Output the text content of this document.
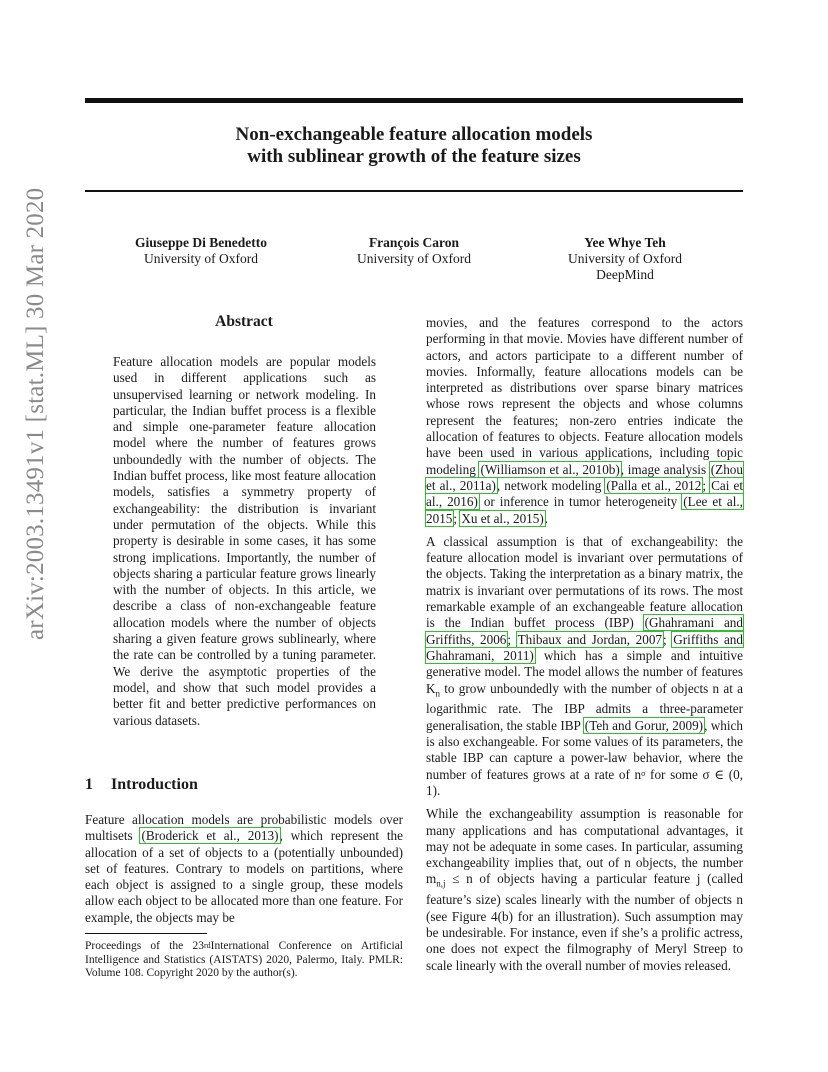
arXiv:2003.13491v1 [stat.ML] 30 Mar 2020
Non-exchangeable feature allocation models
with sublinear growth of the feature sizes
Giuseppe Di Benedetto
University of Oxford
François Caron
University of Oxford
Yee Whye Teh
University of Oxford
DeepMind
Abstract

Feature allocation models are popular models used in different applications such as unsupervised learning or network modeling. In particular, the Indian buffet process is a flexible and simple one-parameter feature allocation model where the number of features grows unboundedly with the number of objects. The Indian buffet process, like most feature allocation models, satisfies a symmetry property of exchangeability: the distribution is invariant under permutation of the objects. While this property is desirable in some cases, it has some strong implications. Importantly, the number of objects sharing a particular feature grows linearly with the number of objects. In this article, we describe a class of non-exchangeable feature allocation models where the number of objects sharing a given feature grows sublinearly, where the rate can be controlled by a tuning parameter. We derive the asymptotic properties of the model, and show that such model provides a better fit and better predictive performances on various datasets.

1 Introduction

Feature allocation models are probabilistic models over multisets (Broderick et al., 2013), which represent the allocation of a set of objects to a (potentially unbounded) set of features. Contrary to models on partitions, where each object is assigned to a single group, these models allow each object to be allocated more than one feature. For example, the objects may be

Proceedings of the 23rdInternational Conference on Artificial Intelligence and Statistics (AISTATS) 2020, Palermo, Italy. PMLR: Volume 108. Copyright 2020 by the author(s).

movies, and the features correspond to the actors performing in that movie. Movies have different number of actors, and actors participate to a different number of movies. Informally, feature allocations models can be interpreted as distributions over sparse binary matrices whose rows represent the objects and whose columns represent the features; non-zero entries indicate the allocation of features to objects. Feature allocation models have been used in various applications, including topic modeling (Williamson et al., 2010b), image analysis (Zhou et al., 2011a), network modeling (Palla et al., 2012; Cai et al., 2016) or inference in tumor heterogeneity (Lee et al., 2015; Xu et al., 2015).

A classical assumption is that of exchangeability: the feature allocation model is invariant over permutations of the objects. Taking the interpretation as a binary matrix, the matrix is invariant over permutations of its rows. The most remarkable example of an exchangeable feature allocation is the Indian buffet process (IBP) (Ghahramani and Griffiths, 2006; Thibaux and Jordan, 2007; Griffiths and Ghahramani, 2011) which has a simple and intuitive generative model. The model allows the number of features $K_n$ to grow unboundedly with the number of objects n at a logarithmic rate. The IBP admits a three-parameter generalisation, the stable IBP (Teh and Gorur, 2009), which is also exchangeable. For some values of its parameters, the stable IBP can capture a power-law behavior, where the number of features grows at a rate of $n^\sigma$ for some σ ∈ (0, 1).

While the exchangeability assumption is reasonable for many applications and has computational advantages, it may not be adequate in some cases. In particular, assuming exchangeability implies that, out of n objects, the number $m_{n,j} \le n$ of objects having a particular feature j (called feature’s size) scales linearly with the number of objects n (see Figure 4(b) for an illustration). Such assumption may be undesirable. For instance, even if she’s a prolific actress, one does not expect the filmography of Meryl Streep to scale linearly with the overall number of movies released.
